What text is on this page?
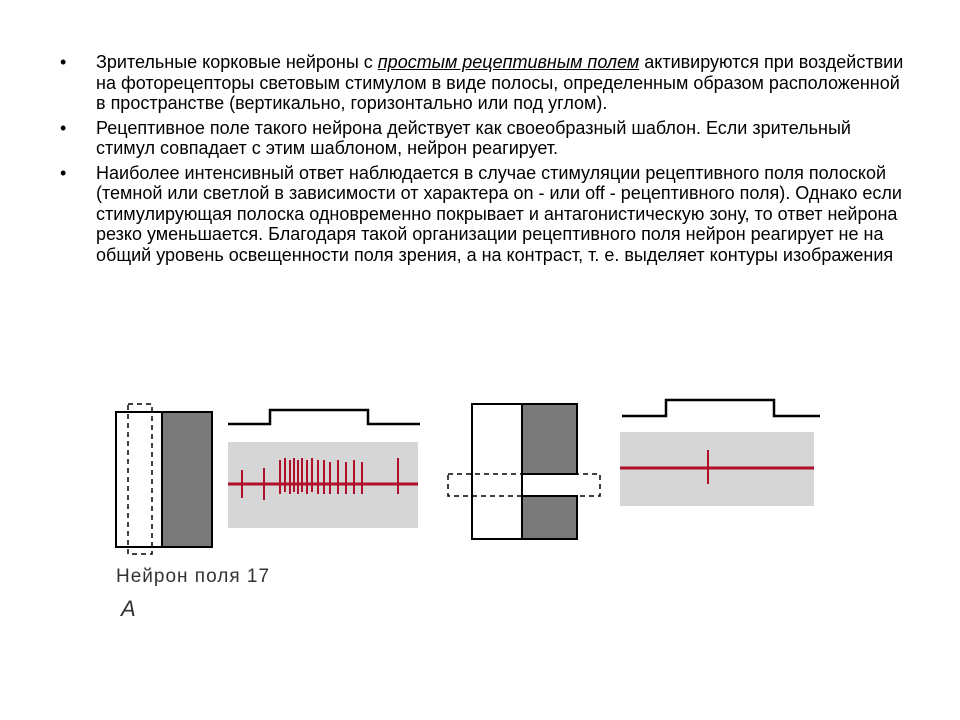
• Зрительные корковые нейроны с простым рецептивным полем активируются при воздействии на фоторецепторы световым стимулом в виде полосы, определенным образом расположенной в пространстве (вертикально, горизонтально или под углом).
• Рецептивное поле такого нейрона действует как своеобразный шаблон. Если зрительный стимул совпадает с этим шаблоном, нейрон реагирует.
• Наиболее интенсивный ответ наблюдается в случае стимуляции рецептивного поля полоской (темной или светлой в зависимости от характера on - или off - рецептивного поля). Однако если стимулирующая полоска одновременно покрывает и антагонистическую зону, то ответ нейрона резко уменьшается. Благодаря такой организации рецептивного поля нейрон реагирует не на общий уровень освещенности поля зрения, а на контраст, т. е. выделяет контуры изображения
Нейрон поля 17
А
